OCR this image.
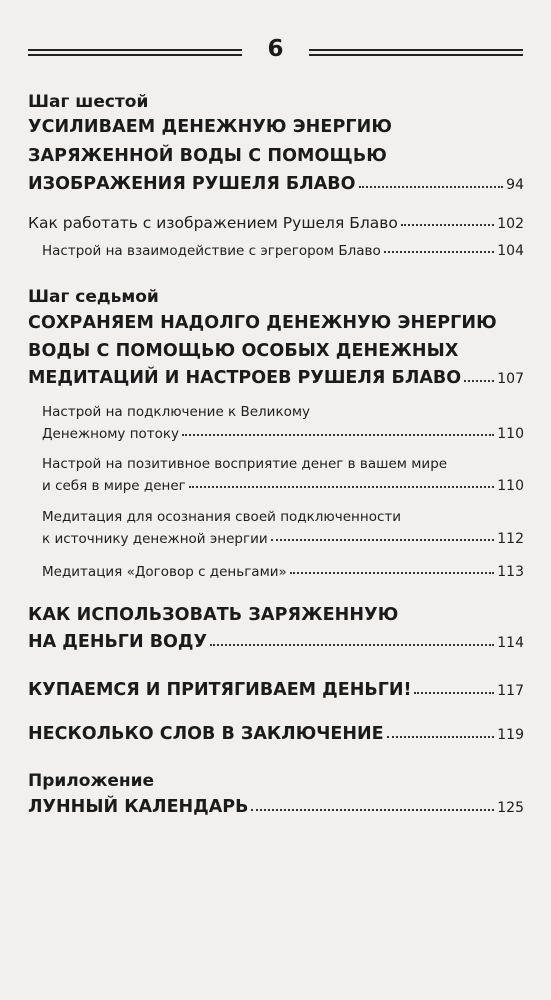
6
Шаг шестой
УСИЛИВАЕМ ДЕНЕЖНУЮ ЭНЕРГИЮ
ЗАРЯЖЕННОЙ ВОДЫ С ПОМОЩЬЮ
ИЗОБРАЖЕНИЯ РУШЕЛЯ БЛАВО	94
Как работать с изображением Рушеля Блаво	102
Настрой на взаимодействие с эгрегором Блаво	104
Шаг седьмой
СОХРАНЯЕМ НАДОЛГО ДЕНЕЖНУЮ ЭНЕРГИЮ
ВОДЫ С ПОМОЩЬЮ ОСОБЫХ ДЕНЕЖНЫХ
МЕДИТАЦИЙ И НАСТРОЕВ РУШЕЛЯ БЛАВО	107
Настрой на подключение к Великому
Денежному потоку	110
Настрой на позитивное восприятие денег в вашем мире
и себя в мире денег	110
Медитация для осознания своей подключенности
к источнику денежной энергии	112
Медитация «Договор с деньгами»	113
КАК ИСПОЛЬЗОВАТЬ ЗАРЯЖЕННУЮ
НА ДЕНЬГИ ВОДУ	114
КУПАЕМСЯ И ПРИТЯГИВАЕМ ДЕНЬГИ!	117
НЕСКОЛЬКО СЛОВ В ЗАКЛЮЧЕНИЕ	119
Приложение
ЛУННЫЙ КАЛЕНДАРЬ	125
